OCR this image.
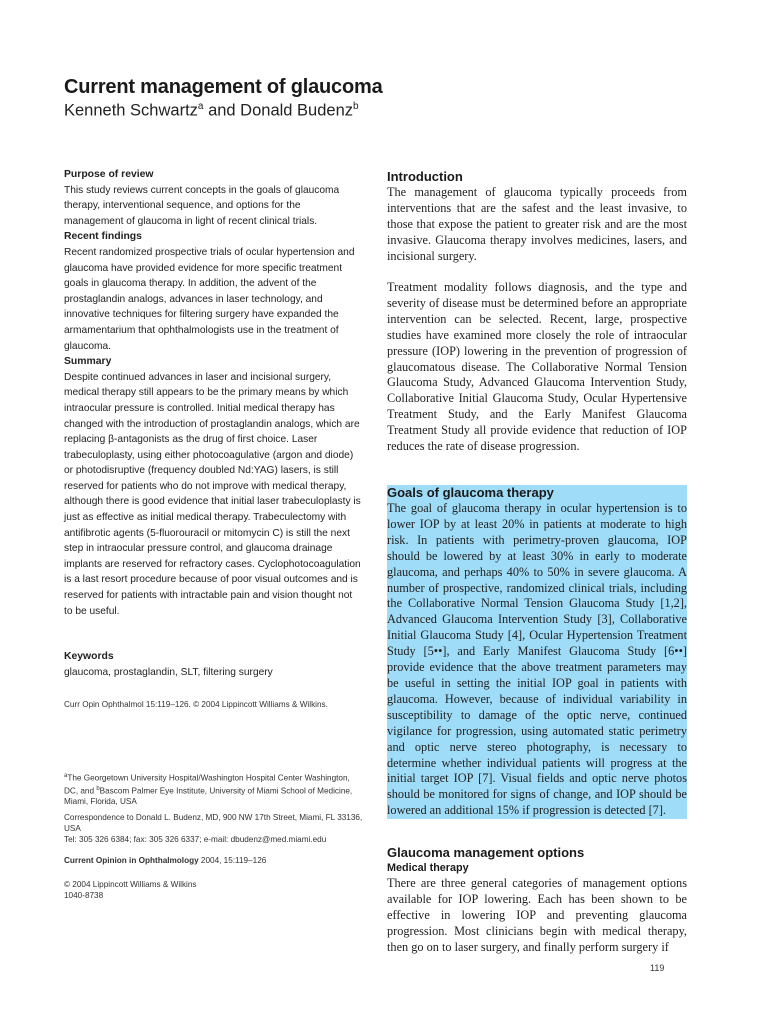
Current management of glaucoma
Kenneth Schwartz$^a$ and Donald Budenz$^b$
Purpose of review

This study reviews current concepts in the goals of glaucoma therapy, interventional sequence, and options for the management of glaucoma in light of recent clinical trials.

Recent findings

Recent randomized prospective trials of ocular hypertension and glaucoma have provided evidence for more specific treatment goals in glaucoma therapy. In addition, the advent of the prostaglandin analogs, advances in laser technology, and innovative techniques for filtering surgery have expanded the armamentarium that ophthalmologists use in the treatment of glaucoma.

Summary

Despite continued advances in laser and incisional surgery, medical therapy still appears to be the primary means by which intraocular pressure is controlled. Initial medical therapy has changed with the introduction of prostaglandin analogs, which are replacing β-antagonists as the drug of first choice. Laser trabeculoplasty, using either photocoagulative (argon and diode) or photodisruptive (frequency doubled Nd:YAG) lasers, is still reserved for patients who do not improve with medical therapy, although there is good evidence that initial laser trabeculoplasty is just as effective as initial medical therapy. Trabeculectomy with antifibrotic agents (5-fluorouracil or mitomycin C) is still the next step in intraocular pressure control, and glaucoma drainage implants are reserved for refractory cases. Cyclophotocoagulation is a last resort procedure because of poor visual outcomes and is reserved for patients with intractable pain and vision thought not to be useful.

Keywords

glaucoma, prostaglandin, SLT, filtering surgery

Curr Opin Ophthalmol 15:119–126. © 2004 Lippincott Williams & Wilkins.

$^a$The Georgetown University Hospital/Washington Hospital Center Washington, DC, and $^b$Bascom Palmer Eye Institute, University of Miami School of Medicine, Miami, Florida, USA

Correspondence to Donald L. Budenz, MD, 900 NW 17th Street, Miami, FL 33136, USA

Tel: 305 326 6384; fax: 305 326 6337; e-mail: dbudenz@med.miami.edu

Current Opinion in Ophthalmology 2004, 15:119–126

© 2004 Lippincott Williams & Wilkins

1040-8738

Introduction

The management of glaucoma typically proceeds from interventions that are the safest and the least invasive, to those that expose the patient to greater risk and are the most invasive. Glaucoma therapy involves medicines, lasers, and incisional surgery.

Treatment modality follows diagnosis, and the type and severity of disease must be determined before an appropriate intervention can be selected. Recent, large, prospective studies have examined more closely the role of intraocular pressure (IOP) lowering in the prevention of progression of glaucomatous disease. The Collaborative Normal Tension Glaucoma Study, Advanced Glaucoma Intervention Study, Collaborative Initial Glaucoma Study, Ocular Hypertensive Treatment Study, and the Early Manifest Glaucoma Treatment Study all provide evidence that reduction of IOP reduces the rate of disease progression.

Goals of glaucoma therapy

The goal of glaucoma therapy in ocular hypertension is to lower IOP by at least 20% in patients at moderate to high risk. In patients with perimetry-proven glaucoma, IOP should be lowered by at least 30% in early to moderate glaucoma, and perhaps 40% to 50% in severe glaucoma. A number of prospective, randomized clinical trials, including the Collaborative Normal Tension Glaucoma Study [1,2], Advanced Glaucoma Intervention Study [3], Collaborative Initial Glaucoma Study [4], Ocular Hypertension Treatment Study [5••], and Early Manifest Glaucoma Study [6••] provide evidence that the above treatment parameters may be useful in setting the initial IOP goal in patients with glaucoma. However, because of individual variability in susceptibility to damage of the optic nerve, continued vigilance for progression, using automated static perimetry and optic nerve stereo photography, is necessary to determine whether individual patients will progress at the initial target IOP [7]. Visual fields and optic nerve photos should be monitored for signs of change, and IOP should be lowered an additional 15% if progression is detected [7].

Glaucoma management options
Medical therapy

There are three general categories of management options available for IOP lowering. Each has been shown to be effective in lowering IOP and preventing glaucoma progression. Most clinicians begin with medical therapy, then go on to laser surgery, and finally perform surgery if

119
